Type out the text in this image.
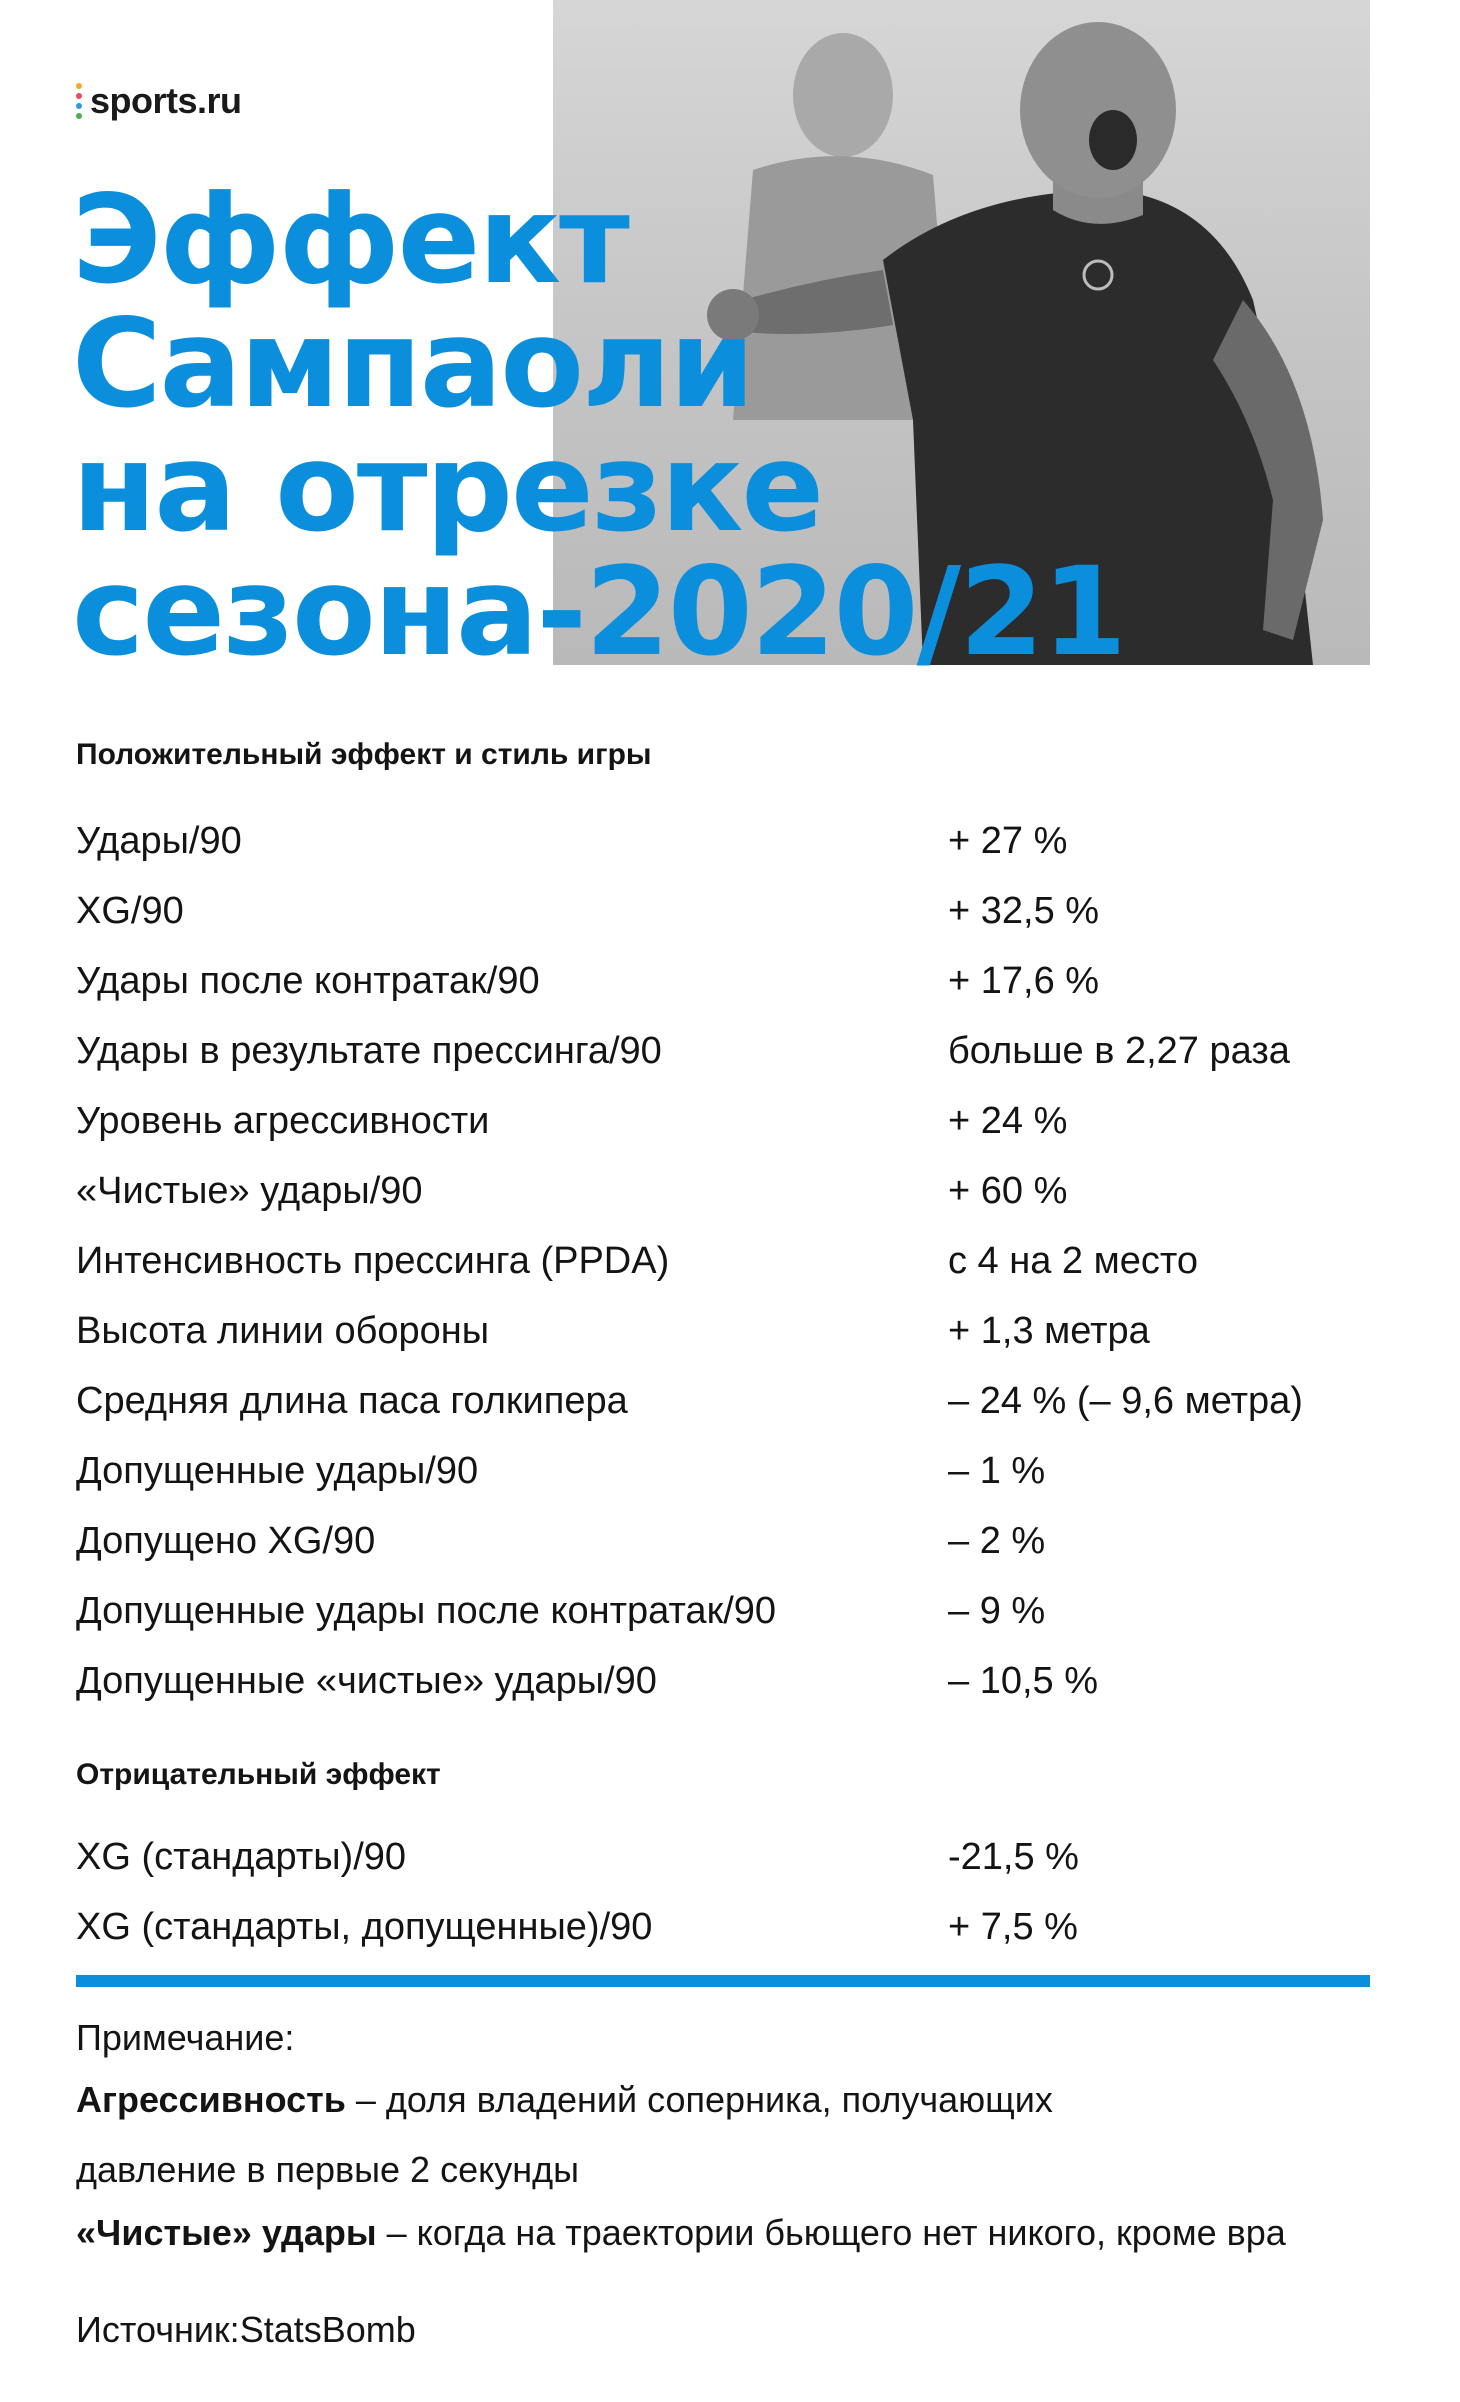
sports.ru
Эффект
Сампаоли
на отрезке
сезона-2020/21
Положительный эффект и стиль игры
Удары/90	+ 27 %
XG/90	+ 32,5 %
Удары после контратак/90	+ 17,6 %
Удары в результате прессинга/90	больше в 2,27 раза
Уровень агрессивности	+ 24 %
«Чистые» удары/90	+ 60 %
Интенсивность прессинга (PPDA)	с 4 на 2 место
Высота линии обороны	+ 1,3 метра
Средняя длина паса голкипера	– 24 % (– 9,6 метра)
Допущенные удары/90	– 1 %
Допущено XG/90	– 2 %
Допущенные удары после контратак/90	– 9 %
Допущенные «чистые» удары/90	– 10,5 %
Отрицательный эффект
XG (стандарты)/90	-21,5 %
XG (стандарты, допущенные)/90	+ 7,5 %
Примечание:
Агрессивность – доля владений соперника, получающих
давление в первые 2 секунды
«Чистые» удары – когда на траектории бьющего нет никого, кроме вра
Источник:StatsBomb
